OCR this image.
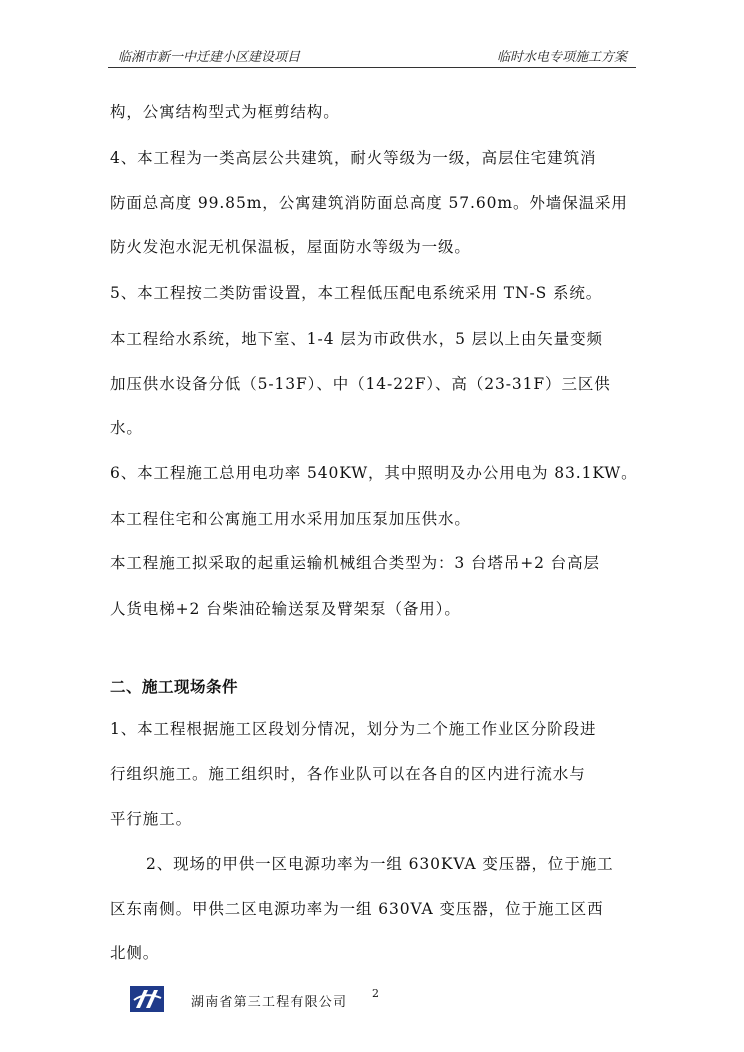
临湘市新一中迁建小区建设项目	临时水电专项施工方案
构，公寓结构型式为框剪结构。
4、本工程为一类高层公共建筑，耐火等级为一级，高层住宅建筑消
防面总高度 99.85m，公寓建筑消防面总高度 57.60m。外墙保温采用
防火发泡水泥无机保温板，屋面防水等级为一级。
5、本工程按二类防雷设置，本工程低压配电系统采用 TN-S 系统。
本工程给水系统，地下室、1-4 层为市政供水，5 层以上由矢量变频
加压供水设备分低（5-13F）、中（14-22F）、高（23-31F）三区供
水。
6、本工程施工总用电功率 540KW，其中照明及办公用电为 83.1KW。
本工程住宅和公寓施工用水采用加压泵加压供水。
本工程施工拟采取的起重运输机械组合类型为：3 台塔吊+2 台高层
人货电梯+2 台柴油砼输送泵及臂架泵（备用）。
二、施工现场条件
1、本工程根据施工区段划分情况，划分为二个施工作业区分阶段进
行组织施工。施工组织时，各作业队可以在各自的区内进行流水与
平行施工。
2、现场的甲供一区电源功率为一组 630KVA 变压器，位于施工
区东南侧。甲供二区电源功率为一组 630VA 变压器，位于施工区西
北侧。
湖南省第三工程有限公司
2
